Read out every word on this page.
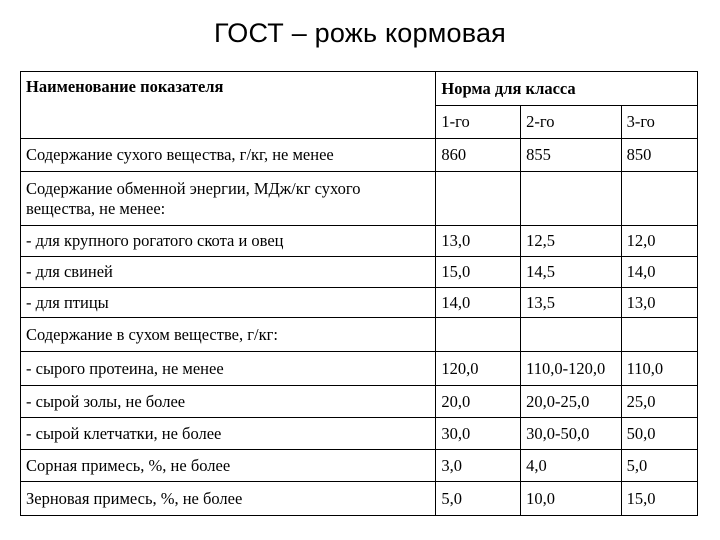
ГОСТ – рожь кормовая
Наименование показателя	Норма для класса		
	1-го	2-го	3-го
Содержание сухого вещества, г/кг, не менее	860	855	850
Содержание обменной энергии, МДж/кг сухого вещества, не менее:			
- для крупного рогатого скота и овец	13,0	12,5	12,0
- для свиней	15,0	14,5	14,0
- для птицы	14,0	13,5	13,0
Содержание в сухом веществе, г/кг:			
- сырого протеина, не менее	120,0	110,0-120,0	110,0
- сырой золы, не более	20,0	20,0-25,0	25,0
- сырой клетчатки, не более	30,0	30,0-50,0	50,0
Сорная примесь, %, не более	3,0	4,0	5,0
Зерновая примесь, %, не более	5,0	10,0	15,0
